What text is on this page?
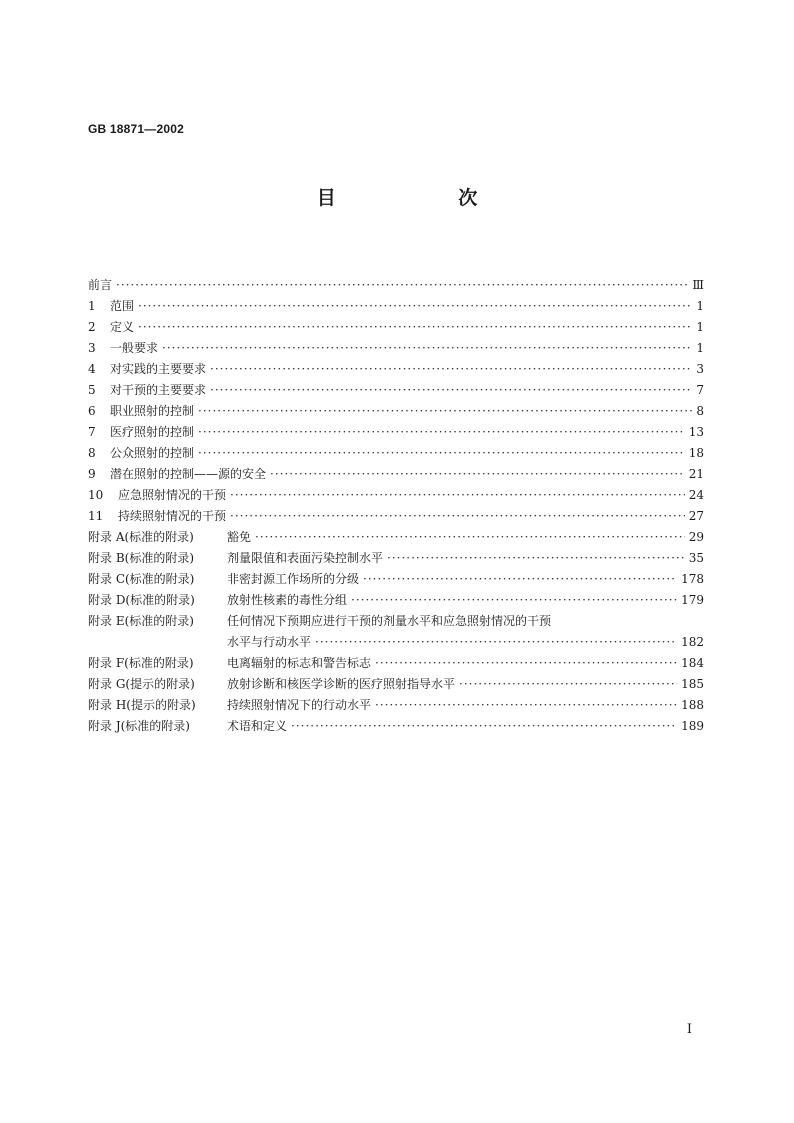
GB 18871—2002
目 次
前言 ·····	Ⅲ
1	范围 ·····	1
2	定义 ·····	1
3	一般要求 ·····	1
4	对实践的主要要求 ·····	3
5	对干预的主要要求 ·····	7
6	职业照射的控制 ·····	8
7	医疗照射的控制 ·····	13
8	公众照射的控制 ·····	18
9	潜在照射的控制——源的安全 ·····	21
10	应急照射情况的干预 ·····	24
11	持续照射情况的干预 ·····	27
附录 A(标准的附录)	豁免 ·····	29
附录 B(标准的附录)	剂量限值和表面污染控制水平 ·····	35
附录 C(标准的附录)	非密封源工作场所的分级 ·····	178
附录 D(标准的附录)	放射性核素的毒性分组 ·····	179
附录 E(标准的附录)	任何情况下预期应进行干预的剂量水平和应急照射情况的干预
水平与行动水平 ·····	182
附录 F(标准的附录)	电离辐射的标志和警告标志 ·····	184
附录 G(提示的附录)	放射诊断和核医学诊断的医疗照射指导水平 ·····	185
附录 H(提示的附录)	持续照射情况下的行动水平 ·····	188
附录 J(标准的附录)	术语和定义 ·····	189
I
